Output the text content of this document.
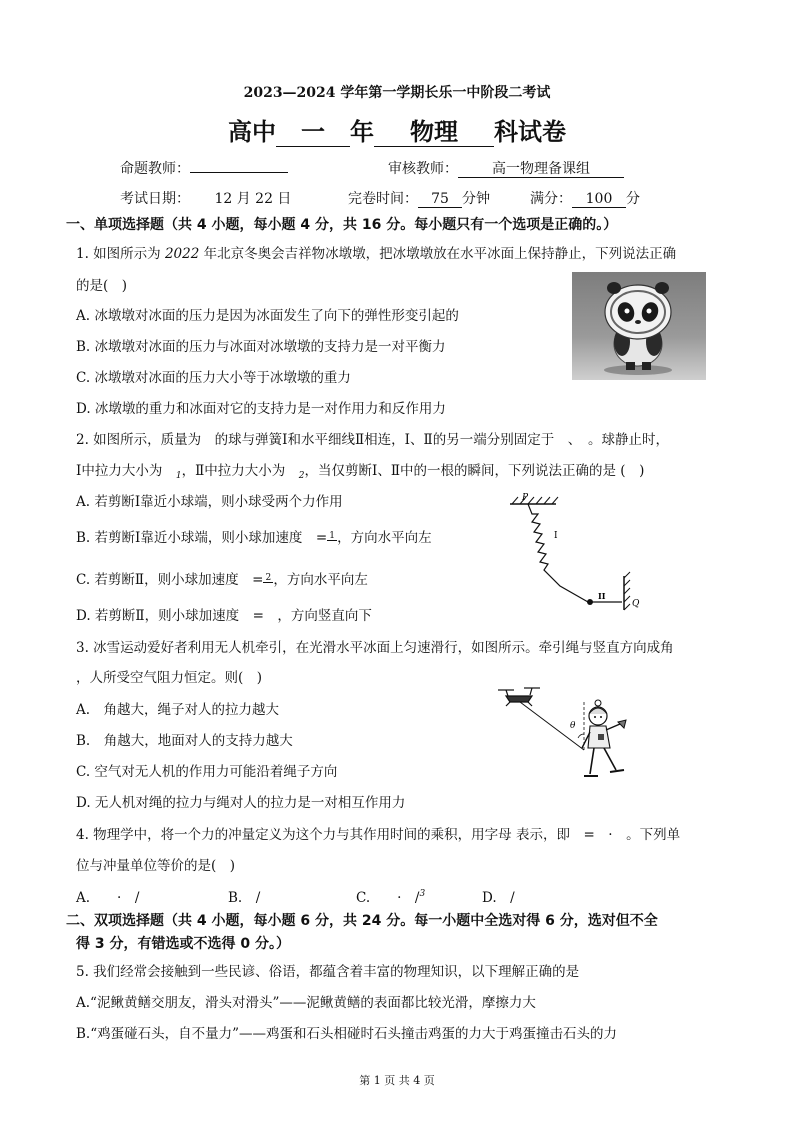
2023—2024 学年第一学期长乐一中阶段二考试
高中 一 年 物理 科试卷
命题教师：	审核教师： 高一物理备课组
考试日期： 12 月 22 日	完卷时间： 75 分钟	满分： 100 分
一、单项选择题（共 4 小题，每小题 4 分，共 16 分。每小题只有一个选项是正确的。）
1. 如图所示为 2022 年北京冬奥会吉祥物冰墩墩，把冰墩墩放在水平冰面上保持静止，下列说法正确
的是(　)
A. 冰墩墩对冰面的压力是因为冰面发生了向下的弹性形变引起的
B. 冰墩墩对冰面的压力与冰面对冰墩墩的支持力是一对平衡力
C. 冰墩墩对冰面的压力大小等于冰墩墩的重力
D. 冰墩墩的重力和冰面对它的支持力是一对作用力和反作用力
2. 如图所示，质量为　的球与弹簧Ⅰ和水平细线Ⅱ相连，Ⅰ、Ⅱ的另一端分别固定于　、　。球静止时，
Ⅰ中拉力大小为　$_1$，Ⅱ中拉力大小为　$_2$，当仅剪断Ⅰ、Ⅱ中的一根的瞬间，下列说法正确的是 (　)
A. 若剪断Ⅰ靠近小球端，则小球受两个力作用
B. 若剪断Ⅰ靠近小球端，则小球加速度　= 1 ，方向水平向左
C. 若剪断Ⅱ，则小球加速度　= 2 ，方向水平向左
D. 若剪断Ⅱ，则小球加速度　=　，方向竖直向下
P
I
II
Q
3. 冰雪运动爱好者利用无人机牵引，在光滑水平冰面上匀速滑行，如图所示。牵引绳与竖直方向成角
，人所受空气阻力恒定。则(　)
A.　角越大，绳子对人的拉力越大
B.　角越大，地面对人的支持力越大
C. 空气对无人机的作用力可能沿着绳子方向
D. 无人机对绳的拉力与绳对人的拉力是一对相互作用力
θ
4. 物理学中，将一个力的冲量定义为这个力与其作用时间的乘积，用字母 表示，即　=　·　。下列单
位与冲量单位等价的是(　)
A.　　·　/	B.　/	C.　　·　/$^3$	D.　/
二、双项选择题（共 4 小题，每小题 6 分，共 24 分。每一小题中全选对得 6 分，选对但不全
得 3 分，有错选或不选得 0 分。）
5. 我们经常会接触到一些民谚、俗语，都蕴含着丰富的物理知识，以下理解正确的是
A.“泥鳅黄鳝交朋友，滑头对滑头”——泥鳅黄鳝的表面都比较光滑，摩擦力大
B.“鸡蛋碰石头，自不量力”——鸡蛋和石头相碰时石头撞击鸡蛋的力大于鸡蛋撞击石头的力
第 1 页 共 4 页
